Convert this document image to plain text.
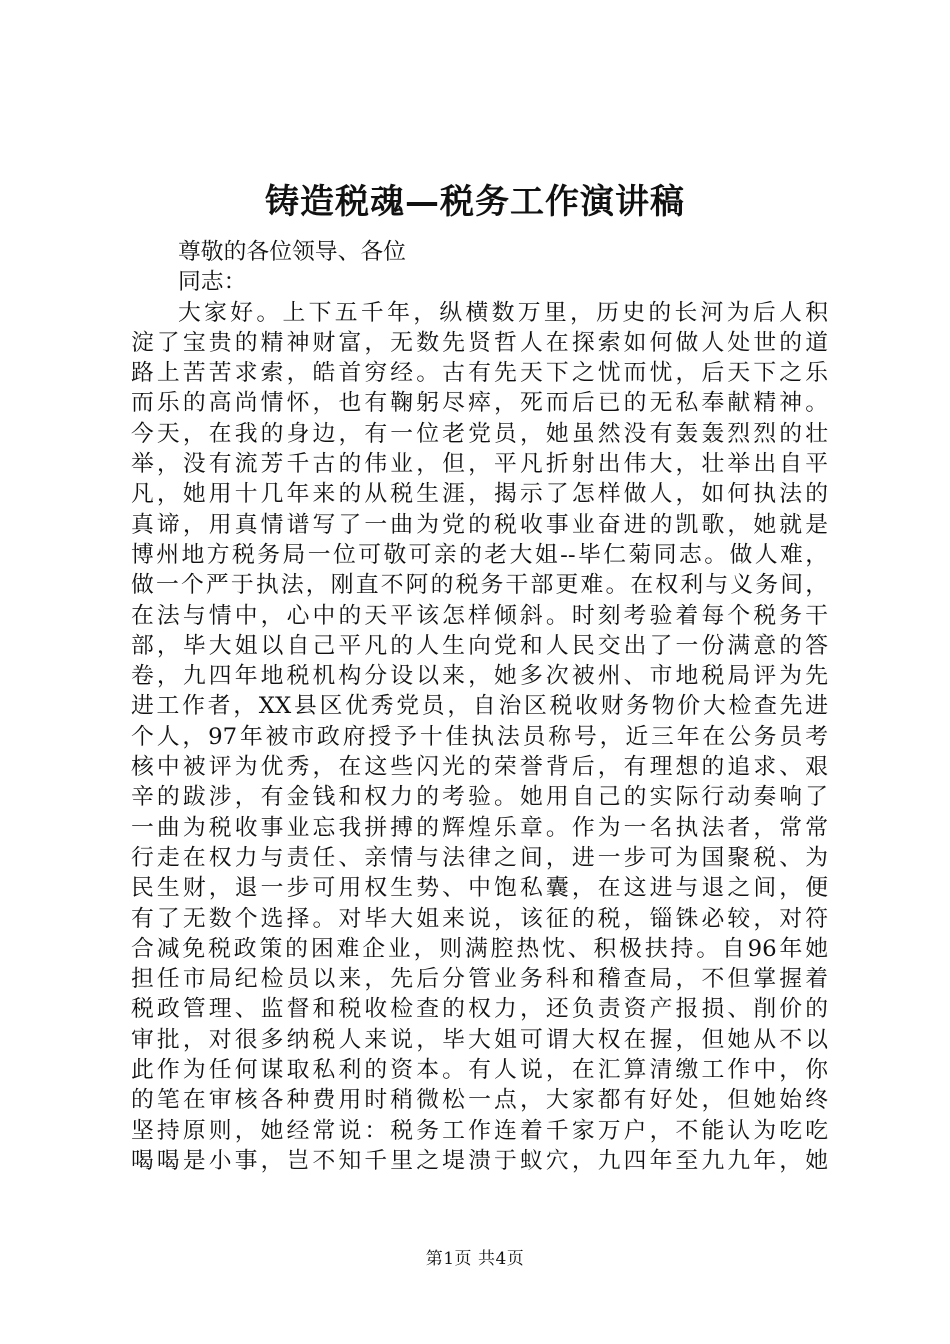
铸造税魂—税务工作演讲稿
尊敬的各位领导、各位
同志：
大家好。上下五千年，纵横数万里，历史的长河为后人积
淀了宝贵的精神财富，无数先贤哲人在探索如何做人处世的道
路上苦苦求索，皓首穷经。古有先天下之忧而忧，后天下之乐
而乐的高尚情怀，也有鞠躬尽瘁，死而后已的无私奉献精神。
今天，在我的身边，有一位老党员，她虽然没有轰轰烈烈的壮
举，没有流芳千古的伟业，但，平凡折射出伟大，壮举出自平
凡，她用十几年来的从税生涯，揭示了怎样做人，如何执法的
真谛，用真情谱写了一曲为党的税收事业奋进的凯歌，她就是
博州地方税务局一位可敬可亲的老大姐--毕仁菊同志。做人难，
做一个严于执法，刚直不阿的税务干部更难。在权利与义务间，
在法与情中，心中的天平该怎样倾斜。时刻考验着每个税务干
部，毕大姐以自己平凡的人生向党和人民交出了一份满意的答
卷，九四年地税机构分设以来，她多次被州、市地税局评为先
进工作者，XX县区优秀党员，自治区税收财务物价大检查先进
个人，97年被市政府授予十佳执法员称号，近三年在公务员考
核中被评为优秀，在这些闪光的荣誉背后，有理想的追求、艰
辛的跋涉，有金钱和权力的考验。她用自己的实际行动奏响了
一曲为税收事业忘我拼搏的辉煌乐章。作为一名执法者，常常
行走在权力与责任、亲情与法律之间，进一步可为国聚税、为
民生财，退一步可用权生势、中饱私囊，在这进与退之间，便
有了无数个选择。对毕大姐来说，该征的税，锱铢必较，对符
合减免税政策的困难企业，则满腔热忱、积极扶持。自96年她
担任市局纪检员以来，先后分管业务科和稽查局，不但掌握着
税政管理、监督和税收检查的权力，还负责资产报损、削价的
审批，对很多纳税人来说，毕大姐可谓大权在握，但她从不以
此作为任何谋取私利的资本。有人说，在汇算清缴工作中，你
的笔在审核各种费用时稍微松一点，大家都有好处，但她始终
坚持原则，她经常说：税务工作连着千家万户，不能认为吃吃
喝喝是小事，岂不知千里之堤溃于蚁穴，九四年至九九年，她
第1页 共4页
